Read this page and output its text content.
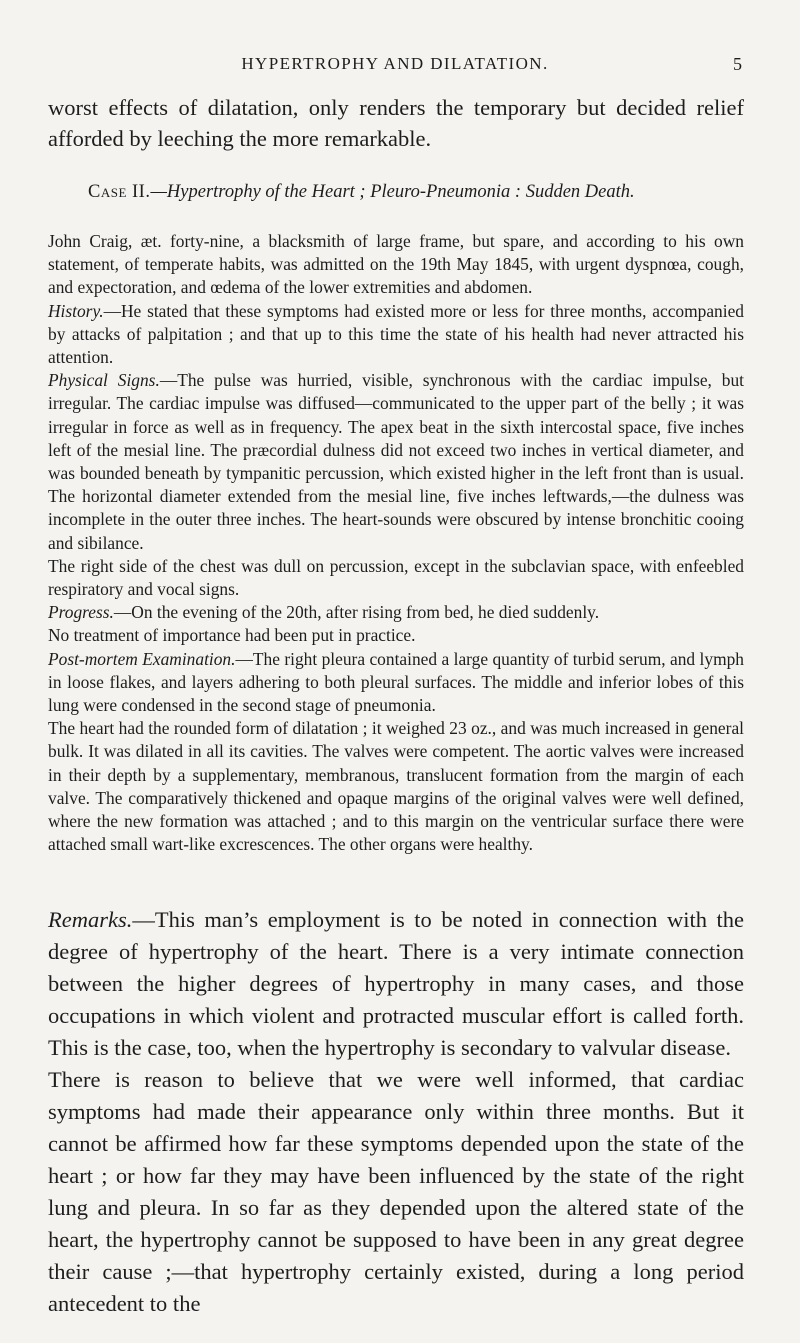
HYPERTROPHY AND DILATATION.	5
worst effects of dilatation, only renders the temporary but decided relief afforded by leeching the more remarkable.
Case II.—Hypertrophy of the Heart ; Pleuro-Pneumonia : Sudden Death.

John Craig, æt. forty-nine, a blacksmith of large frame, but spare, and according to his own statement, of temperate habits, was admitted on the 19th May 1845, with urgent dyspnœa, cough, and expectoration, and œdema of the lower extremities and abdomen.

History.—He stated that these symptoms had existed more or less for three months, accompanied by attacks of palpitation ; and that up to this time the state of his health had never attracted his attention.

Physical Signs.—The pulse was hurried, visible, synchronous with the cardiac impulse, but irregular. The cardiac impulse was diffused—communicated to the upper part of the belly ; it was irregular in force as well as in frequency. The apex beat in the sixth intercostal space, five inches left of the mesial line. The præcordial dulness did not exceed two inches in vertical diameter, and was bounded beneath by tympanitic percussion, which existed higher in the left front than is usual. The horizontal diameter extended from the mesial line, five inches leftwards,—the dulness was incomplete in the outer three inches. The heart-sounds were obscured by intense bronchitic cooing and sibilance.

The right side of the chest was dull on percussion, except in the subclavian space, with enfeebled respiratory and vocal signs.

Progress.—On the evening of the 20th, after rising from bed, he died suddenly.

No treatment of importance had been put in practice.

Post-mortem Examination.—The right pleura contained a large quantity of turbid serum, and lymph in loose flakes, and layers adhering to both pleural surfaces. The middle and inferior lobes of this lung were condensed in the second stage of pneumonia.

The heart had the rounded form of dilatation ; it weighed 23 oz., and was much increased in general bulk. It was dilated in all its cavities. The valves were competent. The aortic valves were increased in their depth by a supplementary, membranous, translucent formation from the margin of each valve. The comparatively thickened and opaque margins of the original valves were well defined, where the new formation was attached ; and to this margin on the ventricular surface there were attached small wart-like excrescences. The other organs were healthy.

Remarks.—This man’s employment is to be noted in connection with the degree of hypertrophy of the heart. There is a very intimate connection between the higher degrees of hypertrophy in many cases, and those occupations in which violent and protracted muscular effort is called forth. This is the case, too, when the hypertrophy is secondary to valvular disease.

There is reason to believe that we were well informed, that cardiac symptoms had made their appearance only within three months. But it cannot be affirmed how far these symptoms depended upon the state of the heart ; or how far they may have been influenced by the state of the right lung and pleura. In so far as they depended upon the altered state of the heart, the hypertrophy cannot be supposed to have been in any great degree their cause ;—that hypertrophy certainly existed, during a long period antecedent to the
